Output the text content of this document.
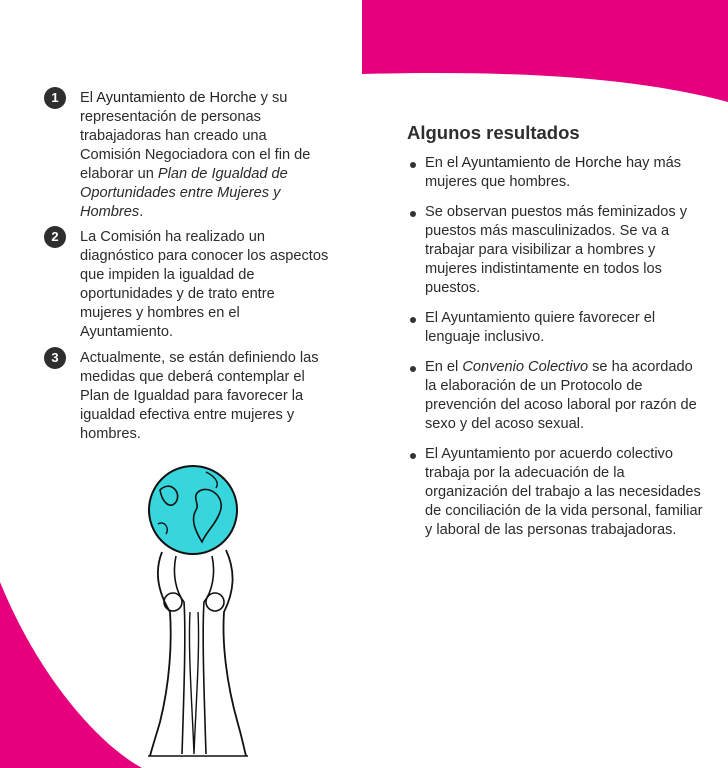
1	El Ayuntamiento de Horche y su representación de personas trabajadoras han creado una Comisión Negociadora con el fin de elaborar un Plan de Igualdad de Oportunidades entre Mujeres y Hombres.
2	La Comisión ha realizado un diagnóstico para conocer los aspectos que impiden la igualdad de oportunidades y de trato entre mujeres y hombres en el Ayuntamiento.
3	Actualmente, se están definiendo las medidas que deberá contemplar el Plan de Igualdad para favorecer la igualdad efectiva entre mujeres y hombres.
Algunos resultados
En el Ayuntamiento de Horche hay más mujeres que hombres.
Se observan puestos más feminizados y puestos más masculinizados. Se va a trabajar para visibilizar a hombres y mujeres indistintamente en todos los puestos.
El Ayuntamiento quiere favorecer el lenguaje inclusivo.
En el Convenio Colectivo se ha acordado la elaboración de un Protocolo de prevención del acoso laboral por razón de sexo y del acoso sexual.
El Ayuntamiento por acuerdo colectivo trabaja por la adecuación de la organización del trabajo a las necesidades de conciliación de la vida personal, familiar y laboral de las personas trabajadoras.
